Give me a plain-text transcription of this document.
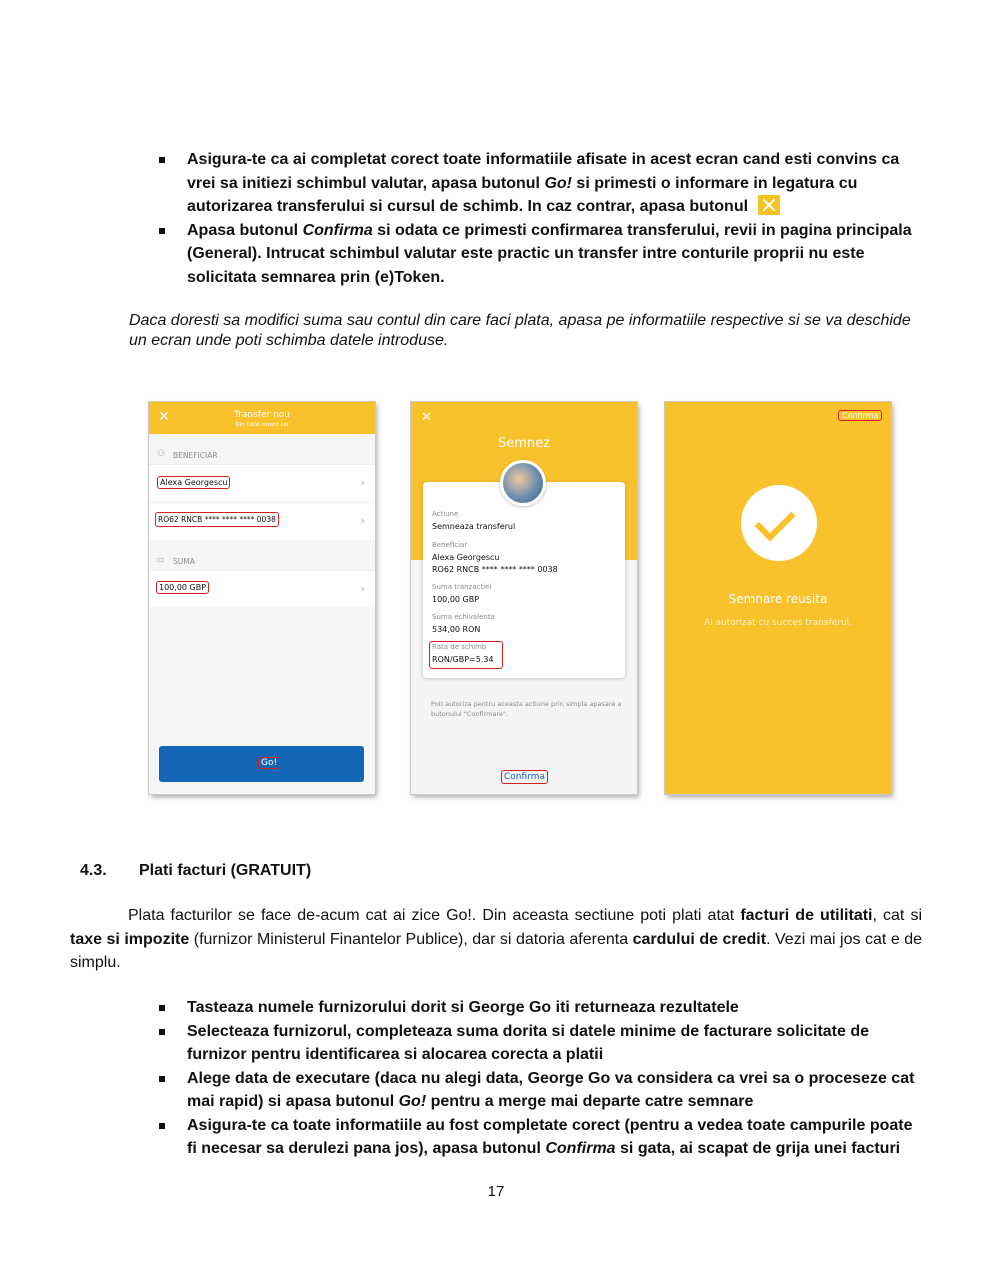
Asigura-te ca ai completat corect toate informatiile afisate in acest ecran cand esti convins ca vrei sa initiezi schimbul valutar, apasa butonul Go! si primesti o informare in legatura cu autorizarea transferului si cursul de schimb. In caz contrar, apasa butonul
Apasa butonul Confirma si odata ce primesti confirmarea transferului, revii in pagina principala (General). Intrucat schimbul valutar este practic un transfer intre conturile proprii nu este solicitata semnarea prin (e)Token.
Daca doresti sa modifici suma sau contul din care faci plata, apasa pe informatiile respective si se va deschide un ecran unde poti schimba datele introduse.
✕	Transfer nou
Din Cont curent Lei
⚇ BENEFICIAR
Alexa Georgescu	›
RO62 RNCB **** **** **** 0038	›
▭ SUMA
100,00 GBP	›
Go!
✕
Semnez
Actiune
Semneaza transferul
Beneficiar
Alexa Georgescu
RO62 RNCB **** **** **** 0038
Suma tranzactiei
100,00 GBP
Suma echivalenta
534,00 RON
Rata de schimb
RON/GBP=5.34
Poti autoriza pentru aceasta actiune prin simpla apasare a butonului "Confirmare".
Confirma
Confirma
Semnare reusita
Ai autorizat cu succes transferul.
4.3. Plati facturi (GRATUIT)
Plata facturilor se face de-acum cat ai zice Go!. Din aceasta sectiune poti plati atat facturi de utilitati, cat si taxe si impozite (furnizor Ministerul Finantelor Publice), dar si datoria aferenta cardului de credit. Vezi mai jos cat e de simplu.
Tasteaza numele furnizorului dorit si George Go iti returneaza rezultatele
Selecteaza furnizorul, completeaza suma dorita si datele minime de facturare solicitate de furnizor pentru identificarea si alocarea corecta a platii
Alege data de executare (daca nu alegi data, George Go va considera ca vrei sa o proceseze cat mai rapid) si apasa butonul Go! pentru a merge mai departe catre semnare
Asigura-te ca toate informatiile au fost completate corect (pentru a vedea toate campurile poate fi necesar sa derulezi pana jos), apasa butonul Confirma si gata, ai scapat de grija unei facturi
17
